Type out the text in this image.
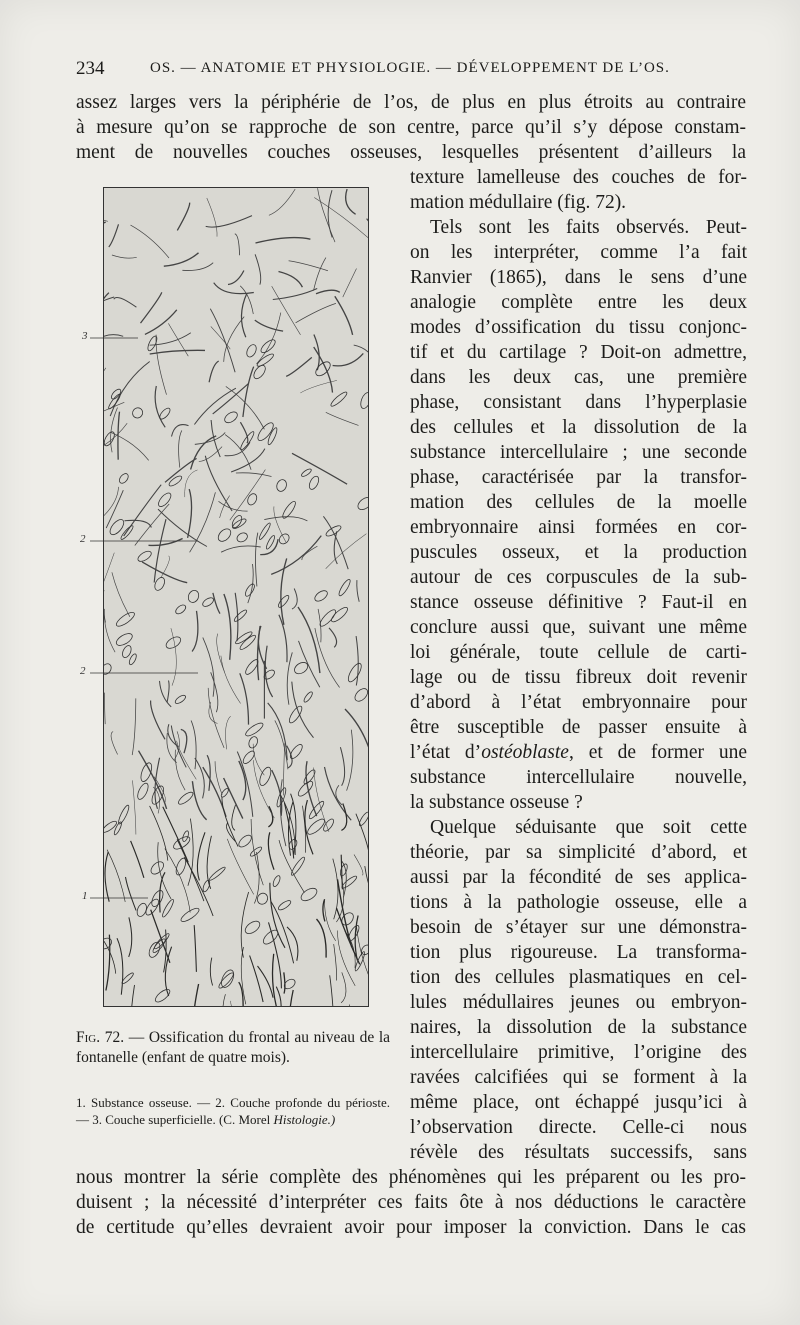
234	OS. — ANATOMIE ET PHYSIOLOGIE. — DÉVELOPPEMENT DE L’OS.
assez larges vers la périphérie de l’os, de plus en plus étroits au contraire
à mesure qu’on se rapproche de son centre, parce qu’il s’y dépose constam-
ment de nouvelles couches osseuses, lesquelles présentent d’ailleurs la
texture lamelleuse des couches de for-
mation médullaire (fig. 72).
Tels sont les faits observés. Peut-
on les interpréter, comme l’a fait
Ranvier (1865), dans le sens d’une
analogie complète entre les deux
modes d’ossification du tissu conjonc-
tif et du cartilage ? Doit-on admettre,
dans les deux cas, une première
phase, consistant dans l’hyperplasie
des cellules et la dissolution de la
substance intercellulaire ; une seconde
phase, caractérisée par la transfor-
mation des cellules de la moelle
embryonnaire ainsi formées en cor-
puscules osseux, et la production
autour de ces corpuscules de la sub-
stance osseuse définitive ? Faut-il en
conclure aussi que, suivant une même
loi générale, toute cellule de carti-
lage ou de tissu fibreux doit revenir
d’abord à l’état embryonnaire pour
être susceptible de passer ensuite à
l’état d’ostéoblaste, et de former une
substance intercellulaire nouvelle,
la substance osseuse ?
Quelque séduisante que soit cette
théorie, par sa simplicité d’abord, et
aussi par la fécondité de ses applica-
tions à la pathologie osseuse, elle a
besoin de s’étayer sur une démonstra-
tion plus rigoureuse. La transforma-
tion des cellules plasmatiques en cel-
lules médullaires jeunes ou embryon-
naires, la dissolution de la substance
intercellulaire primitive, l’origine des
ravées calcifiées qui se forment à la
même place, ont échappé jusqu’ici à
l’observation directe. Celle-ci nous
révèle des résultats successifs, sans
nous montrer la série complète des phénomènes qui les préparent ou les pro-
duisent ; la nécessité d’interpréter ces faits ôte à nos déductions le caractère
de certitude qu’elles devraient avoir pour imposer la conviction. Dans le cas
3
2
2
1
Fig. 72. — Ossification du frontal au niveau de la fontanelle (enfant de quatre mois).
1. Substance osseuse. — 2. Couche profonde du périoste. — 3. Couche superficielle. (C. Morel Histologie.)
